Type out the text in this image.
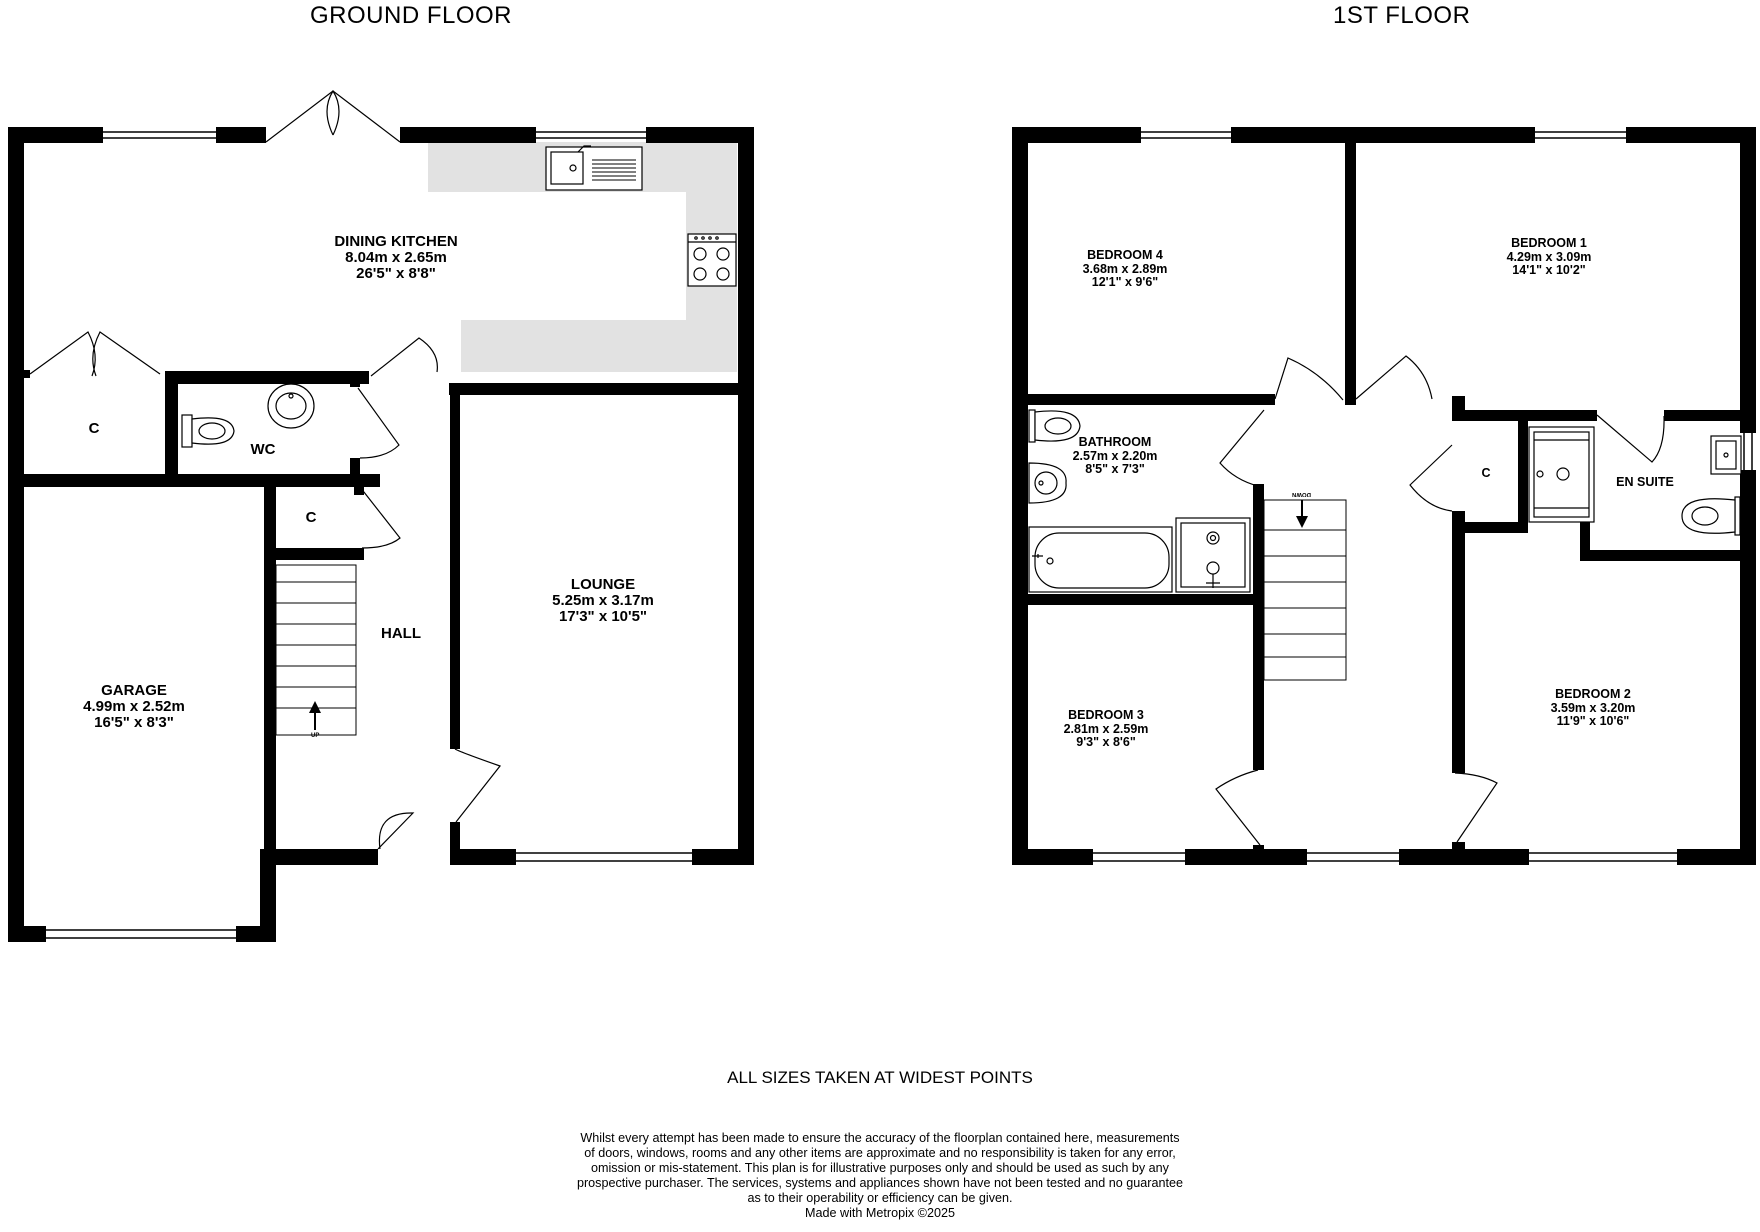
GROUND FLOOR	1ST FLOOR
DINING KITCHEN
8.04m x 2.65m
26'5" x 8'8"
LOUNGE
5.25m x 3.17m
17'3" x 10'5"
GARAGE
4.99m x 2.52m
16'5" x 8'3"
WC
HALL
C
C
UP
BEDROOM 4
3.68m x 2.89m
12'1" x 9'6"
BEDROOM 1
4.29m x 3.09m
14'1" x 10'2"
BATHROOM
2.57m x 2.20m
8'5" x 7'3"
BEDROOM 3
2.81m x 2.59m
9'3" x 8'6"
BEDROOM 2
3.59m x 3.20m
11'9" x 10'6"
EN SUITE
C
DOWN
ALL SIZES TAKEN AT WIDEST POINTS
Whilst every attempt has been made to ensure the accuracy of the floorplan contained here, measurements
of doors, windows, rooms and any other items are approximate and no responsibility is taken for any error,
omission or mis-statement. This plan is for illustrative purposes only and should be used as such by any
prospective purchaser. The services, systems and appliances shown have not been tested and no guarantee
as to their operability or efficiency can be given.
Made with Metropix ©2025
